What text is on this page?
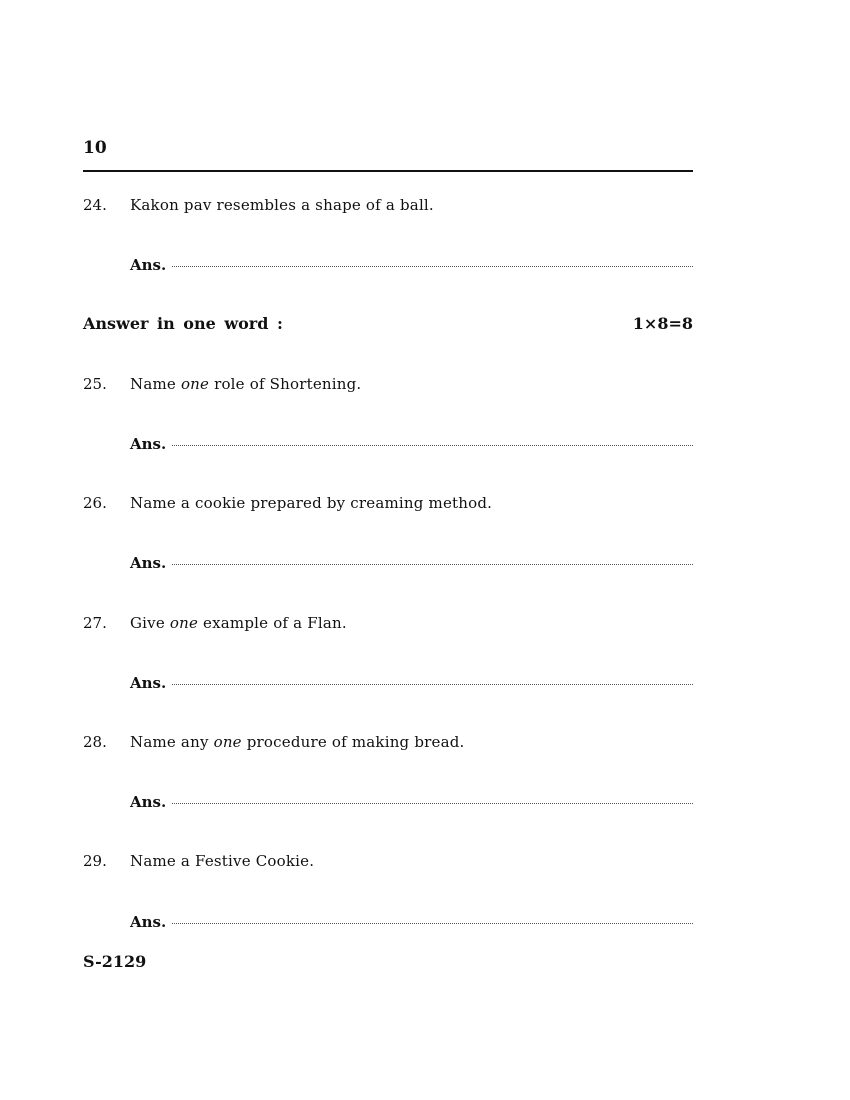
10
24. Kakon pav resembles a shape of a ball.
Ans.
Answer in one word :	1×8=8
25. Name one role of Shortening.
Ans.
26. Name a cookie prepared by creaming method.
Ans.
27. Give one example of a Flan.
Ans.
28. Name any one procedure of making bread.
Ans.
29. Name a Festive Cookie.
Ans.
S-2129
